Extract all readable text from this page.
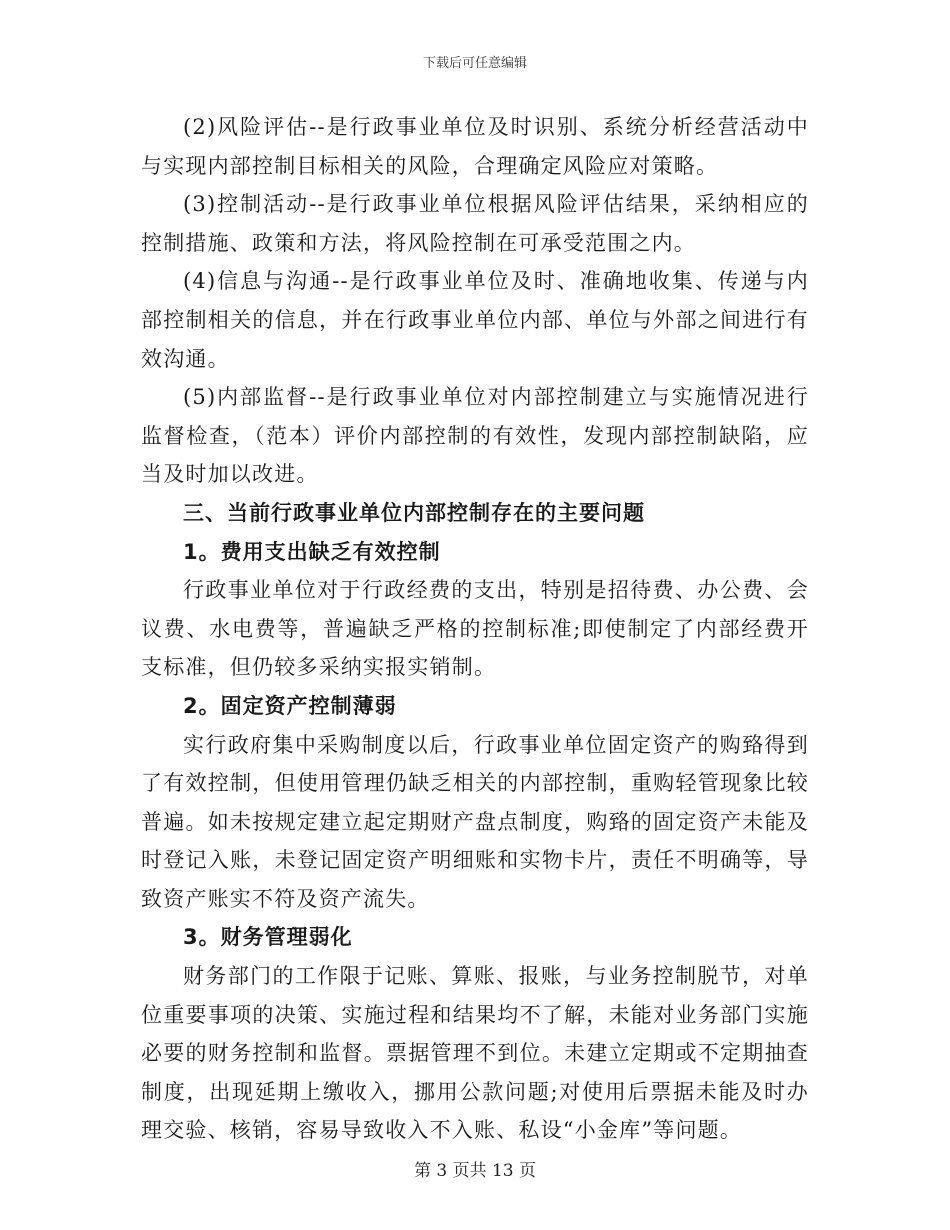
下载后可任意编辑

(2)风险评估--是行政事业单位及时识别、系统分析经营活动中与实现内部控制目标相关的风险，合理确定风险应对策略。

(3)控制活动--是行政事业单位根据风险评估结果，采纳相应的控制措施、政策和方法，将风险控制在可承受范围之内。

(4)信息与沟通--是行政事业单位及时、准确地收集、传递与内部控制相关的信息，并在行政事业单位内部、单位与外部之间进行有效沟通。

(5)内部监督--是行政事业单位对内部控制建立与实施情况进行监督检查，（范本）评价内部控制的有效性，发现内部控制缺陷，应当及时加以改进。

三、当前行政事业单位内部控制存在的主要问题

1。费用支出缺乏有效控制

行政事业单位对于行政经费的支出，特别是招待费、办公费、会议费、水电费等，普遍缺乏严格的控制标准;即使制定了内部经费开支标准，但仍较多采纳实报实销制。

2。固定资产控制薄弱

实行政府集中采购制度以后，行政事业单位固定资产的购臵得到了有效控制，但使用管理仍缺乏相关的内部控制，重购轻管现象比较普遍。如未按规定建立起定期财产盘点制度，购臵的固定资产未能及时登记入账，未登记固定资产明细账和实物卡片，责任不明确等，导致资产账实不符及资产流失。

3。财务管理弱化

财务部门的工作限于记账、算账、报账，与业务控制脱节，对单位重要事项的决策、实施过程和结果均不了解，未能对业务部门实施必要的财务控制和监督。票据管理不到位。未建立定期或不定期抽查制度，出现延期上缴收入，挪用公款问题;对使用后票据未能及时办理交验、核销，容易导致收入不入账、私设“小金库”等问题。

第 3 页共 13 页
